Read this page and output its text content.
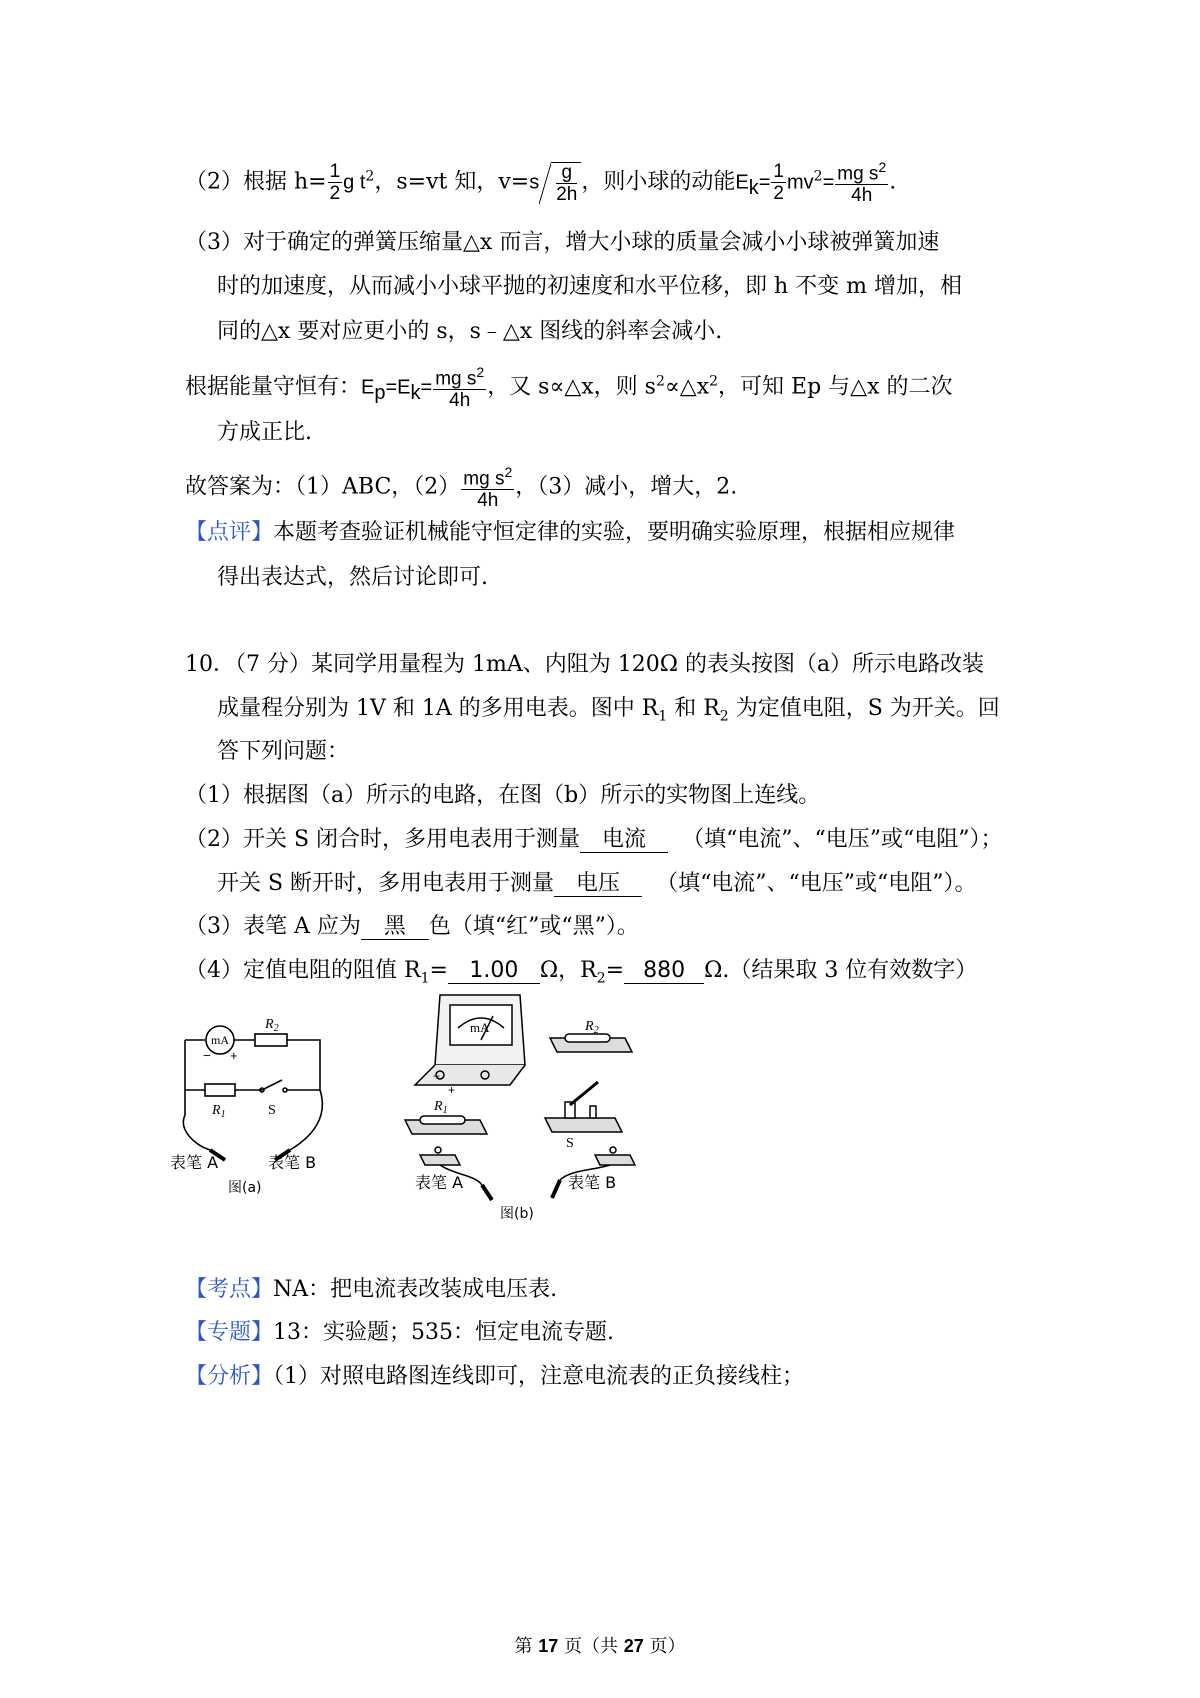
（2）根据 $h= \frac{1}{2}$ g $t^2$，s=vt 知，$v=s \frac{g}{2h}$ ，则小球的动能$E_k= \frac{1}{2} mv^2= \frac{mg s^2}{4h}$ .
（3）对于确定的弹簧压缩量△x 而言，增大小球的质量会减小小球被弹簧加速
时的加速度，从而减小小球平抛的初速度和水平位移，即 h 不变 m 增加，相
同的△x 要对应更小的 s，s﹣△x 图线的斜率会减小.
根据能量守恒有：$E_p=E_k= \frac{mg s^2}{4h}$ ，又 s∝△x，则 $s^2\propto\triangle x^2$，可知 Ep 与△x 的二次
方成正比.
故答案为：（1）ABC，$(2) \frac{mg s^2}{4h}$ ，（3）减小，增大，2.
【点评】本题考查验证机械能守恒定律的实验，要明确实验原理，根据相应规律
得出表达式，然后讨论即可.
10．（7 分）某同学用量程为 1mA、内阻为 120Ω 的表头按图（a）所示电路改装
成量程分别为 1V 和 1A 的多用电表。图中 $R_1$ 和 $R_2$ 为定值电阻，S 为开关。回
答下列问题：
（1）根据图（a）所示的电路，在图（b）所示的实物图上连线。
（2）开关 S 闭合时，多用电表用于测量 电流 （填“电流”、“电压”或“电阻”）；
开关 S 断开时，多用电表用于测量 电压 （填“电流”、“电压”或“电阻”）。
（3）表笔 A 应为 黑 色（填“红”或“黑”）。
（4）定值电阻的阻值 $R_1= 1.00$ Ω，$R_2= 880$ Ω.（结果取 3 位有效数字）
mA
− +
$R_2$
$R_1$	S
表笔 A	表笔 B
图(a)
mA
−
+
$R_2$
$R_1$
S
表笔 A	表笔 B
图(b)
【考点】NA：把电流表改装成电压表.
【专题】13：实验题；535：恒定电流专题.
【分析】（1）对照电路图连线即可，注意电流表的正负接线柱；
第 17 页（共 27 页）
